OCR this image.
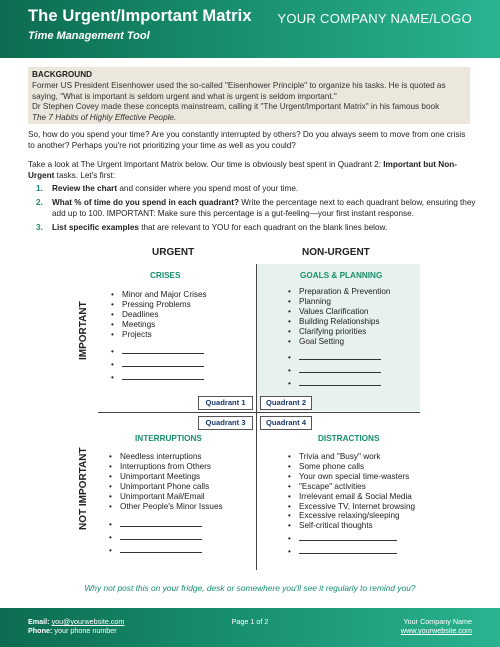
The Urgent/Important Matrix
Time Management Tool
YOUR COMPANY NAME/LOGO
BACKGROUND
Former US President Eisenhower used the so-called "Eisenhower Principle" to organize his tasks. He is quoted as saying, "What is important is seldom urgent and what is urgent is seldom important."
Dr Stephen Covey made these concepts mainstream, calling it "The Urgent/Important Matrix" in his famous book
The 7 Habits of Highly Effective People.
So, how do you spend your time? Are you constantly interrupted by others? Do you always seem to move from one crisis to another? Perhaps you're not prioritizing your time as well as you could?
Take a look at The Urgent Important Matrix below. Our time is obviously best spent in Quadrant 2: Important but Non-Urgent tasks. Let's first:
1. Review the chart and consider where you spend most of your time.
2. What % of time do you spend in each quadrant? Write the percentage next to each quadrant below, ensuring they add up to 100. IMPORTANT: Make sure this percentage is a gut-feeling—your first instant response.
3. List specific examples that are relevant to YOU for each quadrant on the blank lines below.
URGENT	NON-URGENT
IMPORTANT
NOT IMPORTANT
CRISES	GOALS & PLANNING
INTERRUPTIONS	DISTRACTIONS
• Minor and Major Crises
• Pressing Problems
• Deadlines
• Meetings
• Projects
•
•
•
• Preparation & Prevention
• Planning
• Values Clarification
• Building Relationships
• Clarifying priorities
• Goal Setting
•
•
•
• Needless interruptions
• Interruptions from Others
• Unimportant Meetings
• Unimportant Phone calls
• Unimportant Mail/Email
• Other People's Minor Issues
•
•
•
• Trivia and "Busy" work
• Some phone calls
• Your own special time-wasters
• "Escape" activities
• Irrelevant email & Social Media
• Excessive TV, Internet browsing
• Excessive relaxing/sleeping
• Self-critical thoughts
•
•
Quadrant 1	Quadrant 2
Quadrant 3	Quadrant 4
Why not post this on your fridge, desk or somewhere you'll see it regularly to remind you?
Email: you@yourwebsite.com
Phone: your phone number
Page 1 of 2	Your Company Name
www.yourwebsite.com
